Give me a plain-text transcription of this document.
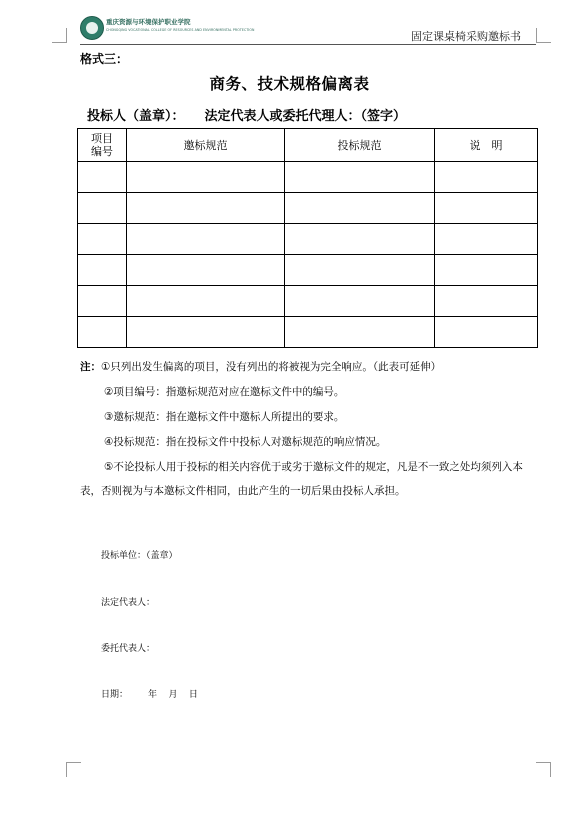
重庆资源与环境保护职业学院
CHONGQING VOCATIONAL COLLEGE OF RESOURCES AND ENVIRONMENTAL PROTECTION	固定课桌椅采购邀标书
格式三：
商务、技术规格偏离表
投标人（盖章）： 法定代表人或委托代理人：（签字）
项目
编号	邀标规范	投标规范	说　明

注：①只列出发生偏离的项目，没有列出的将被视为完全响应。（此表可延伸）
②项目编号：指邀标规范对应在邀标文件中的编号。
③邀标规范：指在邀标文件中邀标人所提出的要求。
④投标规范：指在投标文件中投标人对邀标规范的响应情况。
⑤不论投标人用于投标的相关内容优于或劣于邀标文件的规定，凡是不一致之处均须列入本表，否则视为与本邀标文件相同，由此产生的一切后果由投标人承担。
投标单位：（盖章）
法定代表人：
委托代表人：
日期：       年    月    日
